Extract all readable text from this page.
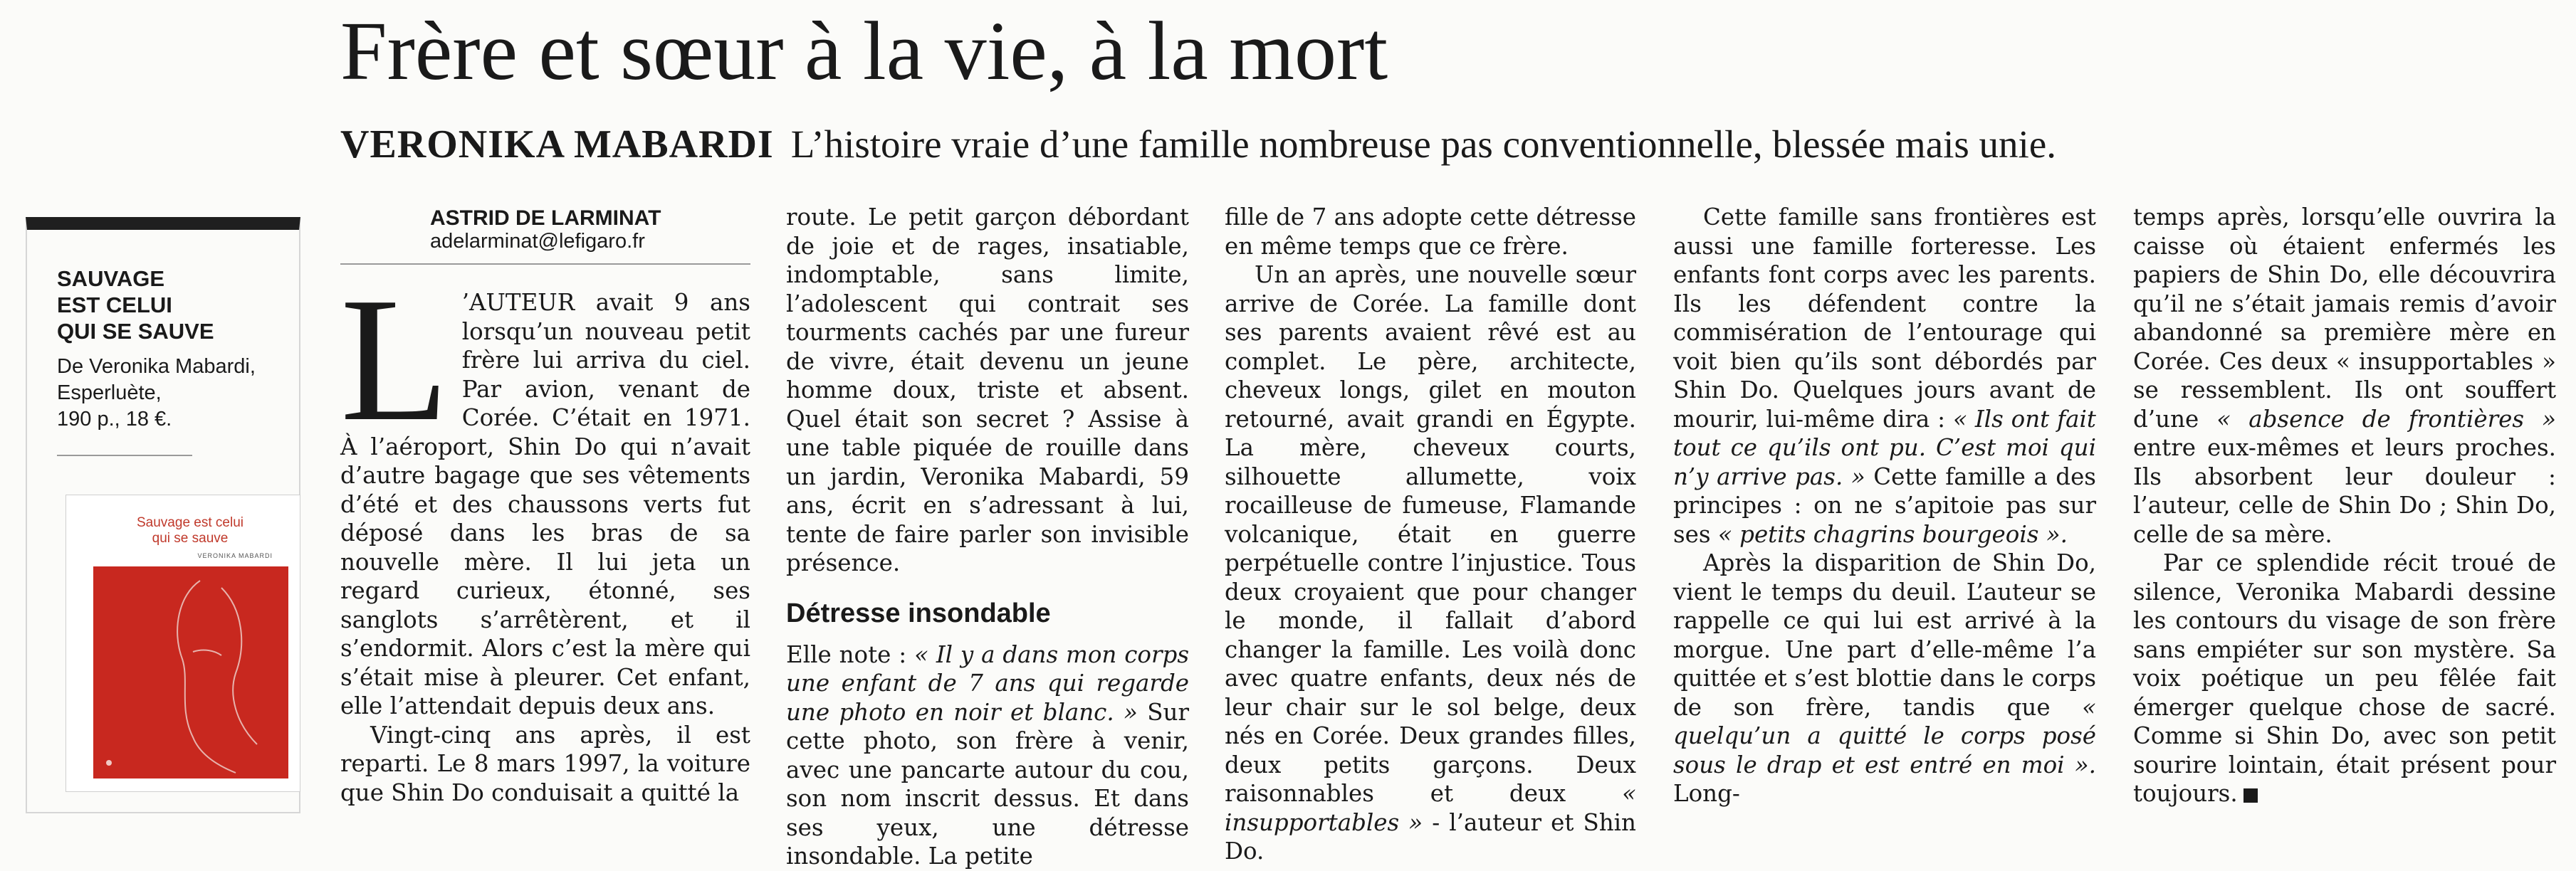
Frère et sœur à la vie, à la mort
VERONIKA MABARDI L’histoire vraie d’une famille nombreuse pas conventionnelle, blessée mais unie.
SAUVAGE
EST CELUI
QUI SE SAUVE
De Veronika Mabardi,
Esperluète,
190 p., 18 €.
Sauvage est celui
qui se sauve
VERONIKA MABARDI
ASTRID DE LARMINAT
adelarminat@lefigaro.fr

L ’AUTEUR avait 9 ans lorsqu’un nouveau petit frère lui arriva du ciel. Par avion, venant de Corée. C’était en 1971. À l’aéroport, Shin Do qui n’avait d’autre bagage que ses vêtements d’été et des chaussons verts fut déposé dans les bras de sa nouvelle mère. Il lui jeta un regard curieux, étonné, ses sanglots s’arrêtèrent, et il s’endormit. Alors c’est la mère qui s’était mise à pleurer. Cet enfant, elle l’attendait depuis deux ans.

Vingt-cinq ans après, il est reparti. Le 8 mars 1997, la voiture que Shin Do conduisait a quitté la

route. Le petit garçon débordant de joie et de rages, insatiable, indomptable, sans limite, l’adolescent qui contrait ses tourments cachés par une fureur de vivre, était devenu un jeune homme doux, triste et absent. Quel était son secret ? Assise à une table piquée de rouille dans un jardin, Veronika Mabardi, 59 ans, écrit en s’adressant à lui, tente de faire parler son invisible présence.

Détresse insondable

Elle note : « Il y a dans mon corps une enfant de 7 ans qui regarde une photo en noir et blanc. » Sur cette photo, son frère à venir, avec une pancarte autour du cou, son nom inscrit dessus. Et dans ses yeux, une détresse insondable. La petite

fille de 7 ans adopte cette détresse en même temps que ce frère.

Un an après, une nouvelle sœur arrive de Corée. La famille dont ses parents avaient rêvé est au complet. Le père, architecte, cheveux longs, gilet en mouton retourné, avait grandi en Égypte. La mère, cheveux courts, silhouette allumette, voix rocailleuse de fumeuse, Flamande volcanique, était en guerre perpétuelle contre l’injustice. Tous deux croyaient que pour changer le monde, il fallait d’abord changer la famille. Les voilà donc avec quatre enfants, deux nés de leur chair sur le sol belge, deux nés en Corée. Deux grandes filles, deux petits garçons. Deux raisonnables et deux « insupportables » - l’auteur et Shin Do.

Cette famille sans frontières est aussi une famille forteresse. Les enfants font corps avec les parents. Ils les défendent contre la commisération de l’entourage qui voit bien qu’ils sont débordés par Shin Do. Quelques jours avant de mourir, lui-même dira : « Ils ont fait tout ce qu’ils ont pu. C’est moi qui n’y arrive pas. » Cette famille a des principes : on ne s’apitoie pas sur ses « petits chagrins bourgeois ».

Après la disparition de Shin Do, vient le temps du deuil. L’auteur se rappelle ce qui lui est arrivé à la morgue. Une part d’elle-même l’a quittée et s’est blottie dans le corps de son frère, tandis que « quelqu’un a quitté le corps posé sous le drap et est entré en moi ». Long-

temps après, lorsqu’elle ouvrira la caisse où étaient enfermés les papiers de Shin Do, elle découvrira qu’il ne s’était jamais remis d’avoir abandonné sa première mère en Corée. Ces deux « insupportables » se ressemblent. Ils ont souffert d’une « absence de frontières » entre eux-mêmes et leurs proches. Ils absorbent leur douleur : l’auteur, celle de Shin Do ; Shin Do, celle de sa mère.

Par ce splendide récit troué de silence, Veronika Mabardi dessine les contours du visage de son frère sans empiéter sur son mystère. Sa voix poétique un peu fêlée fait émerger quelque chose de sacré. Comme si Shin Do, avec son petit sourire lointain, était présent pour toujours.
